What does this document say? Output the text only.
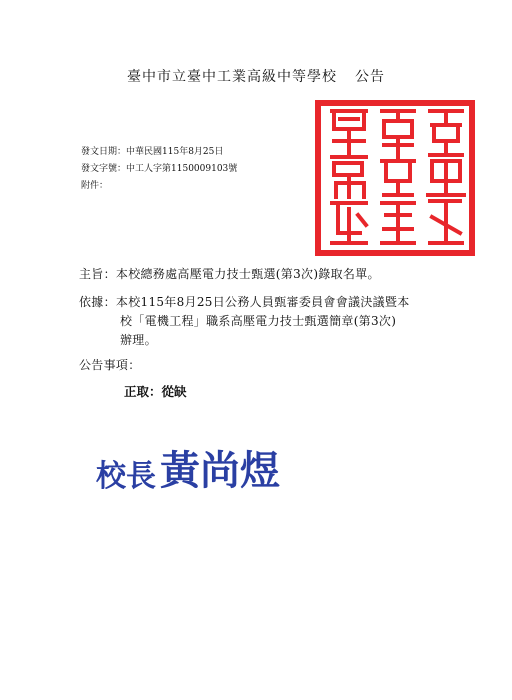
臺中市立臺中工業高級中等學校 公告
發文日期：中華民國115年8月25日
發文字號：中工人字第1150009103號
附件：
臺中市立臺中工業高級中等學校
主旨：本校總務處高壓電力技士甄選(第3次)錄取名單。
依據：本校115年8月25日公務人員甄審委員會會議決議暨本
校「電機工程」職系高壓電力技士甄選簡章(第3次)
辦理。
公告事項：
正取：從缺
校長 黃尚煜
